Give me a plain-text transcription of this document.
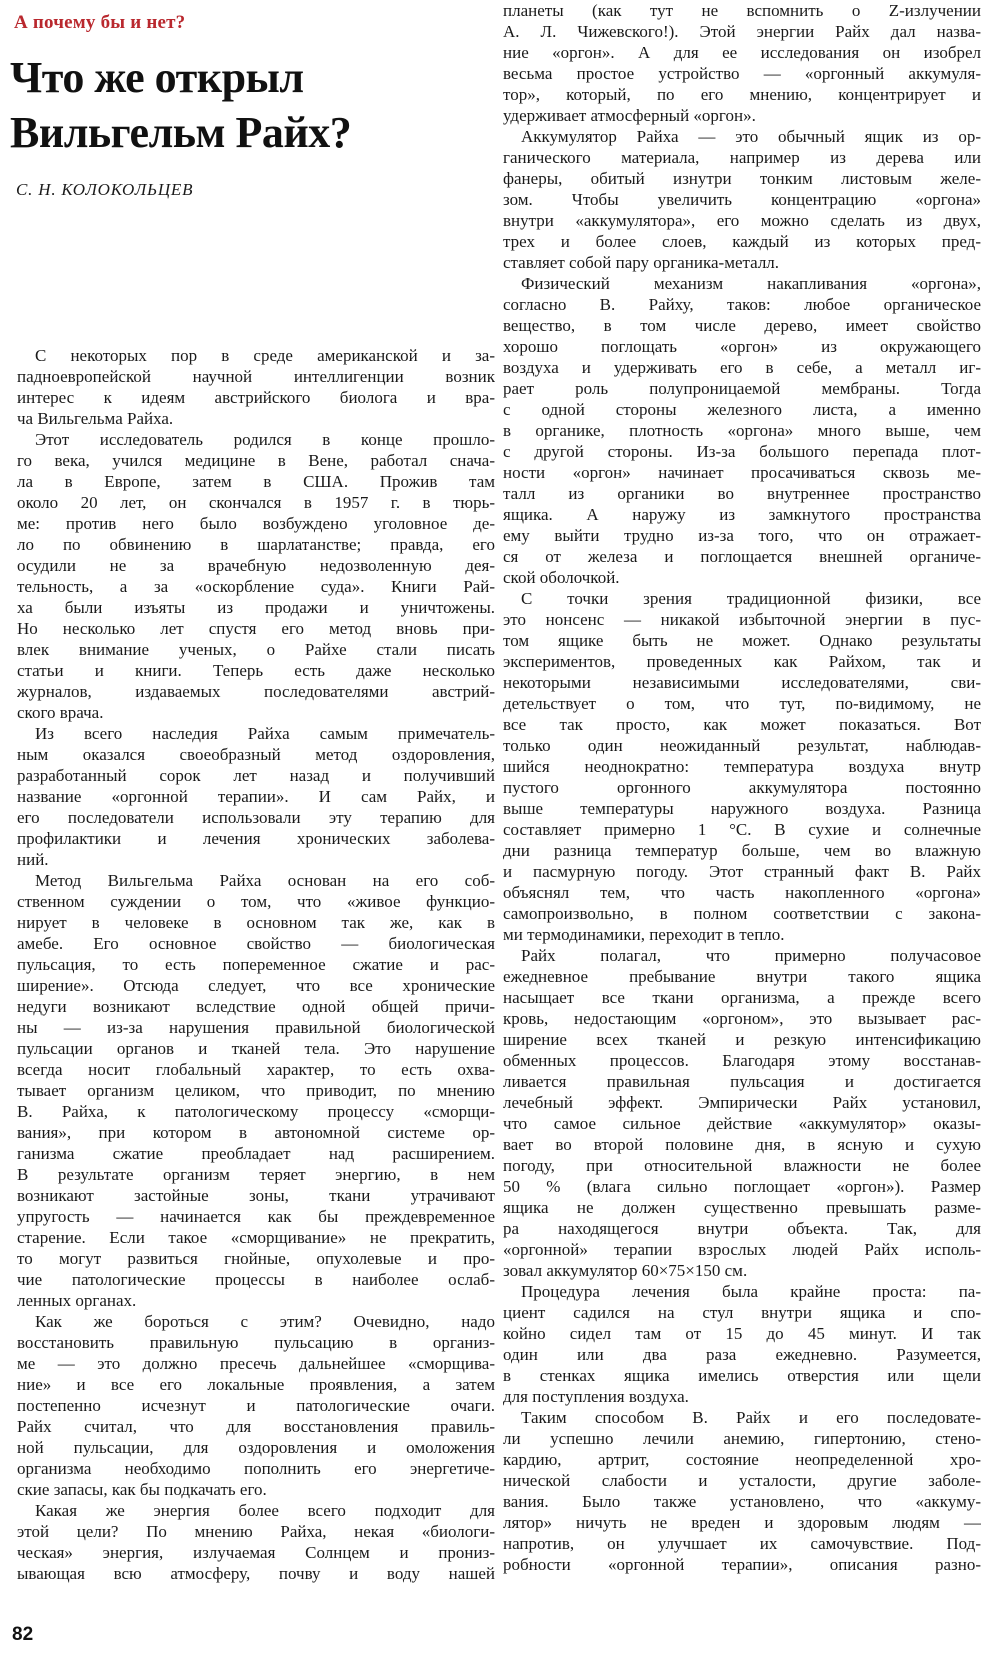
А почему бы и нет?
Что же открыл
Вильгельм Райх?
С. Н. КОЛОКОЛЬЦЕВ
С некоторых пор в среде американской и за-
падноевропейской научной интеллигенции возник
интерес к идеям австрийского биолога и вра-
ча Вильгельма Райха.
Этот исследователь родился в конце прошло-
го века, учился медицине в Вене, работал снача-
ла в Европе, затем в США. Прожив там
около 20 лет, он скончался в 1957 г. в тюрь-
ме: против него было возбуждено уголовное де-
ло по обвинению в шарлатанстве; правда, его
осудили не за врачебную недозволенную дея-
тельность, а за «оскорбление суда». Книги Рай-
ха были изъяты из продажи и уничтожены.
Но несколько лет спустя его метод вновь при-
влек внимание ученых, о Райхе стали писать
статьи и книги. Теперь есть даже несколько
журналов, издаваемых последователями австрий-
ского врача.
Из всего наследия Райха самым примечатель-
ным оказался своеобразный метод оздоровления,
разработанный сорок лет назад и получивший
название «оргонной терапии». И сам Райх, и
его последователи использовали эту терапию для
профилактики и лечения хронических заболева-
ний.
Метод Вильгельма Райха основан на его соб-
ственном суждении о том, что «живое функцио-
нирует в человеке в основном так же, как в
амебе. Его основное свойство — биологическая
пульсация, то есть попеременное сжатие и рас-
ширение». Отсюда следует, что все хронические
недуги возникают вследствие одной общей причи-
ны — из-за нарушения правильной биологической
пульсации органов и тканей тела. Это нарушение
всегда носит глобальный характер, то есть охва-
тывает организм целиком, что приводит, по мнению
В. Райха, к патологическому процессу «сморщи-
вания», при котором в автономной системе ор-
ганизма сжатие преобладает над расширением.
В результате организм теряет энергию, в нем
возникают застойные зоны, ткани утрачивают
упругость — начинается как бы преждевременное
старение. Если такое «сморщивание» не прекратить,
то могут развиться гнойные, опухолевые и про-
чие патологические процессы в наиболее ослаб-
ленных органах.
Как же бороться с этим? Очевидно, надо
восстановить правильную пульсацию в организ-
ме — это должно пресечь дальнейшее «сморщива-
ние» и все его локальные проявления, а затем
постепенно исчезнут и патологические очаги.
Райх считал, что для восстановления правиль-
ной пульсации, для оздоровления и омоложения
организма необходимо пополнить его энергетиче-
ские запасы, как бы подкачать его.
Какая же энергия более всего подходит для
этой цели? По мнению Райха, некая «биологи-
ческая» энергия, излучаемая Солнцем и прониз-
ывающая всю атмосферу, почву и воду нашей
планеты (как тут не вспомнить о Z-излучении
А. Л. Чижевского!). Этой энергии Райх дал назва-
ние «оргон». А для ее исследования он изобрел
весьма простое устройство — «оргонный аккумуля-
тор», который, по его мнению, концентрирует и
удерживает атмосферный «оргон».
Аккумулятор Райха — это обычный ящик из ор-
ганического материала, например из дерева или
фанеры, обитый изнутри тонким листовым желе-
зом. Чтобы увеличить концентрацию «оргона»
внутри «аккумулятора», его можно сделать из двух,
трех и более слоев, каждый из которых пред-
ставляет собой пару органика-металл.
Физический механизм накапливания «оргона»,
согласно В. Райху, таков: любое органическое
вещество, в том числе дерево, имеет свойство
хорошо поглощать «оргон» из окружающего
воздуха и удерживать его в себе, а металл иг-
рает роль полупроницаемой мембраны. Тогда
с одной стороны железного листа, а именно
в органике, плотность «оргона» много выше, чем
с другой стороны. Из-за большого перепада плот-
ности «оргон» начинает просачиваться сквозь ме-
талл из органики во внутреннее пространство
ящика. А наружу из замкнутого пространства
ему выйти трудно из-за того, что он отражает-
ся от железа и поглощается внешней органиче-
ской оболочкой.
С точки зрения традиционной физики, все
это нонсенс — никакой избыточной энергии в пус-
том ящике быть не может. Однако результаты
экспериментов, проведенных как Райхом, так и
некоторыми независимыми исследователями, сви-
детельствует о том, что тут, по-видимому, не
все так просто, как может показаться. Вот
только один неожиданный результат, наблюдав-
шийся неоднократно: температура воздуха внутр
пустого оргонного аккумулятора постоянно
выше температуры наружного воздуха. Разница
составляет примерно 1 °С. В сухие и солнечные
дни разница температур больше, чем во влажную
и пасмурную погоду. Этот странный факт В. Райх
объяснял тем, что часть накопленного «оргона»
самопроизвольно, в полном соответствии с закона-
ми термодинамики, переходит в тепло.
Райх полагал, что примерно получасовое
ежедневное пребывание внутри такого ящика
насыщает все ткани организма, а прежде всего
кровь, недостающим «оргоном», это вызывает рас-
ширение всех тканей и резкую интенсификацию
обменных процессов. Благодаря этому восстанав-
ливается правильная пульсация и достигается
лечебный эффект. Эмпирически Райх установил,
что самое сильное действие «аккумулятор» оказы-
вает во второй половине дня, в ясную и сухую
погоду, при относительной влажности не более
50 % (влага сильно поглощает «оргон»). Размер
ящика не должен существенно превышать разме-
ра находящегося внутри объекта. Так, для
«оргонной» терапии взрослых людей Райх исполь-
зовал аккумулятор 60×75×150 см.
Процедура лечения была крайне проста: па-
циент садился на стул внутри ящика и спо-
койно сидел там от 15 до 45 минут. И так
один или два раза ежедневно. Разумеется,
в стенках ящика имелись отверстия или щели
для поступления воздуха.
Таким способом В. Райх и его последовате-
ли успешно лечили анемию, гипертонию, стено-
кардию, артрит, состояние неопределенной хро-
нической слабости и усталости, другие заболе-
вания. Было также установлено, что «аккуму-
лятор» ничуть не вреден и здоровым людям —
напротив, он улучшает их самочувствие. Под-
робности «оргонной терапии», описания разно-
82
